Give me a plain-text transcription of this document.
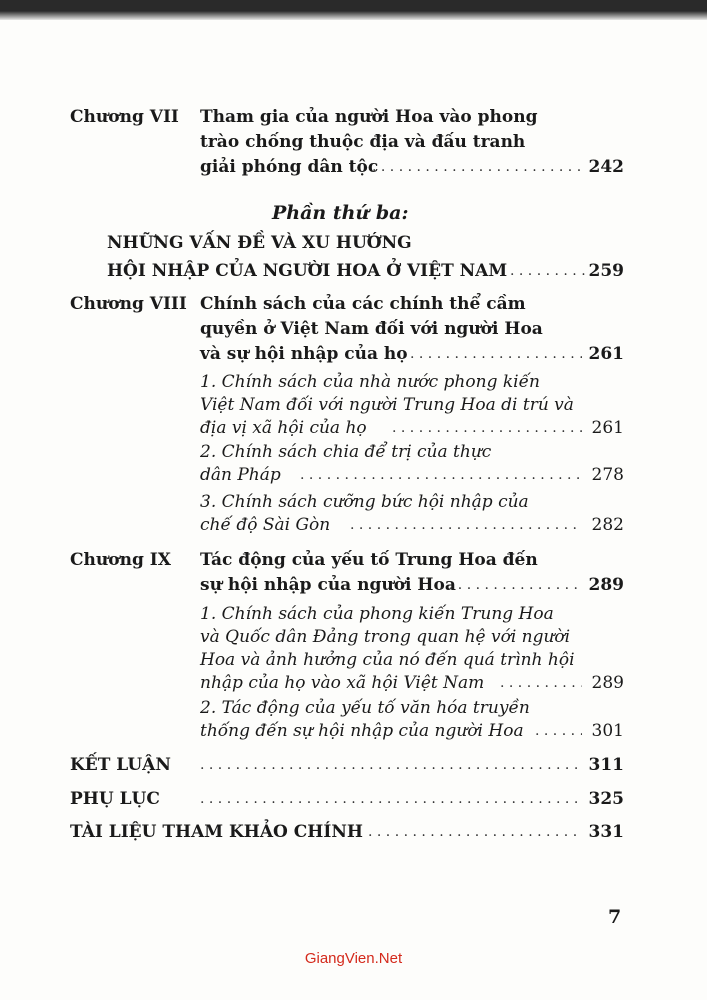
Chương VII Tham gia của người Hoa vào phong
trào chống thuộc địa và đấu tranh
giải phóng dân tộc . . .	242
Phần thứ ba:
NHỮNG VẤN ĐỀ VÀ XU HƯỚNG
HỘI NHẬP CỦA NGƯỜI HOA Ở VIỆT NAM . . .	259
Chương VIII Chính sách của các chính thể cầm
quyền ở Việt Nam đối với người Hoa
và sự hội nhập của họ . . .	261
1. Chính sách của nhà nước phong kiến
Việt Nam đối với người Trung Hoa di trú và
địa vị xã hội của họ . . .	261
2. Chính sách chia để trị của thực
dân Pháp . . .	278
3. Chính sách cưỡng bức hội nhập của
chế độ Sài Gòn . . .	282
Chương IX Tác động của yếu tố Trung Hoa đến
sự hội nhập của người Hoa . . .	289
1. Chính sách của phong kiến Trung Hoa
và Quốc dân Đảng trong quan hệ với người
Hoa và ảnh hưởng của nó đến quá trình hội
nhập của họ vào xã hội Việt Nam . . .	289
2. Tác động của yếu tố văn hóa truyền
thống đến sự hội nhập của người Hoa . . .	301
KẾT LUẬN . . .	311
PHỤ LỤC . . .	325
TÀI LIỆU THAM KHẢO CHÍNH . . .	331
7
GiangVien.Net
